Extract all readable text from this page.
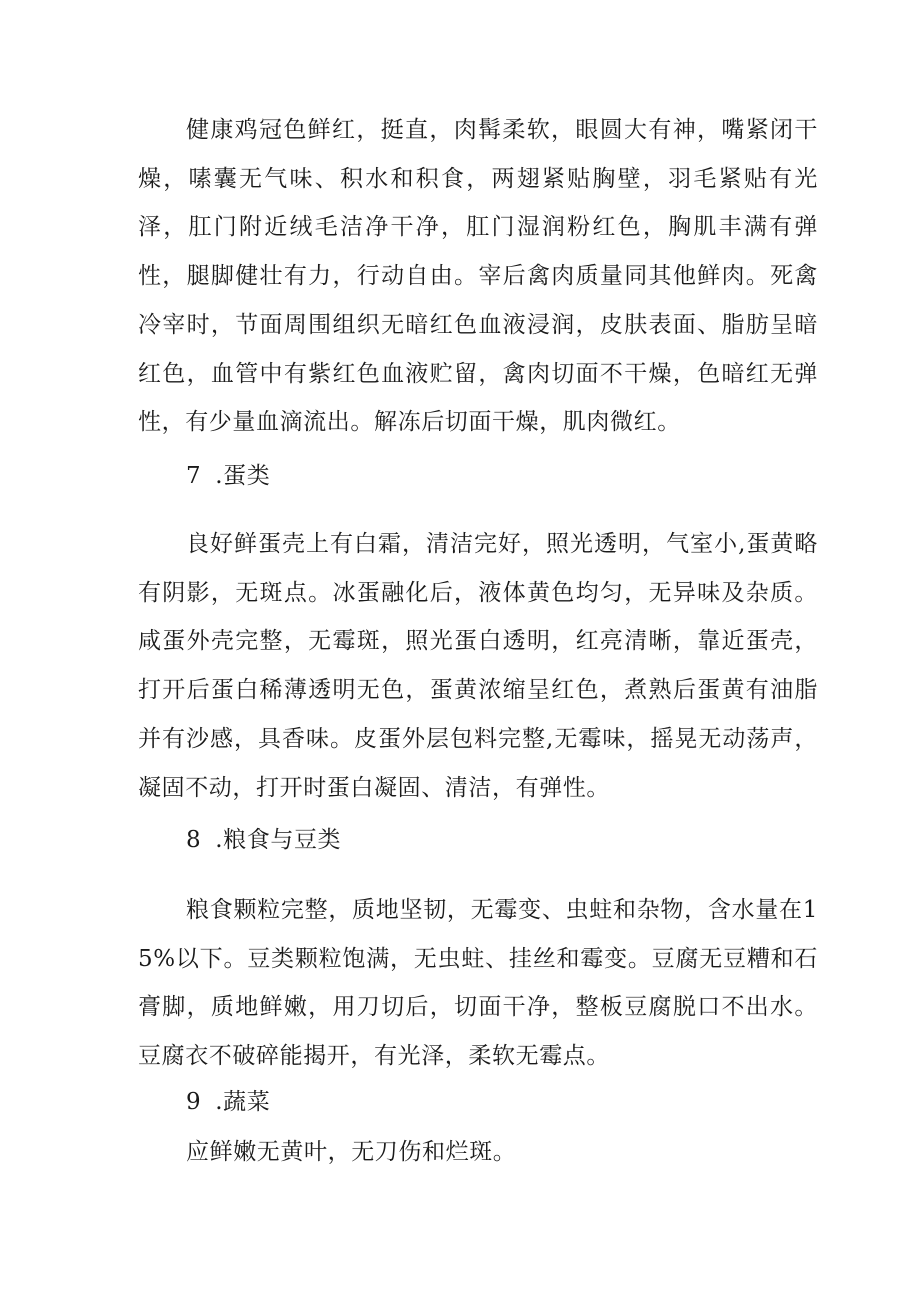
健康鸡冠色鲜红，挺直，肉髯柔软，眼圆大有神，嘴紧闭干燥，嗉囊无气味、积水和积食，两翅紧贴胸壁，羽毛紧贴有光泽，肛门附近绒毛洁净干净，肛门湿润粉红色，胸肌丰满有弹性，腿脚健壮有力，行动自由。宰后禽肉质量同其他鲜肉。死禽冷宰时，节面周围组织无暗红色血液浸润，皮肤表面、脂肪呈暗红色，血管中有紫红色血液贮留，禽肉切面不干燥，色暗红无弹性，有少量血滴流出。解冻后切面干燥，肌肉微红。

7 .蛋类

良好鲜蛋壳上有白霜，清洁完好，照光透明，气室小,蛋黄略有阴影，无斑点。冰蛋融化后，液体黄色均匀，无异味及杂质。咸蛋外壳完整，无霉斑，照光蛋白透明，红亮清晰，靠近蛋壳，打开后蛋白稀薄透明无色，蛋黄浓缩呈红色，煮熟后蛋黄有油脂并有沙感，具香味。皮蛋外层包料完整,无霉味，摇晃无动荡声，凝固不动，打开时蛋白凝固、清洁，有弹性。

8 .粮食与豆类

粮食颗粒完整，质地坚韧，无霉变、虫蛀和杂物，含水量在15%以下。豆类颗粒饱满，无虫蛀、挂丝和霉变。豆腐无豆糟和石膏脚，质地鲜嫩，用刀切后，切面干净，整板豆腐脱口不出水。豆腐衣不破碎能揭开，有光泽，柔软无霉点。

9 .蔬菜

应鲜嫩无黄叶，无刀伤和烂斑。
